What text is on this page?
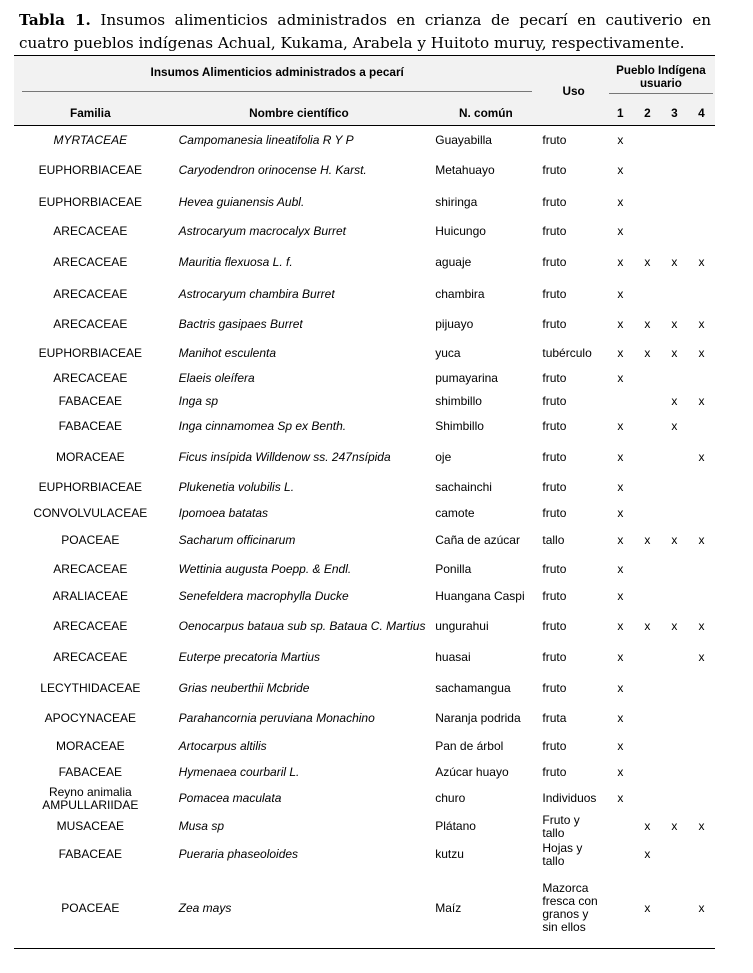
Tabla 1. Insumos alimenticios administrados en crianza de pecarí en cautiverio en cuatro pueblos indígenas Achual, Kukama, Arabela y Huitoto muruy, respectivamente.
Insumos Alimenticios administrados a pecarí			Uso	Pueblo Indígena usuario			

Familia	Nombre científico	N. común		1	2	3	4
MYRTACEAE	Campomanesia lineatifolia R Y P	Guayabilla	fruto	x			
EUPHORBIACEAE	Caryodendron orinocense H. Karst.	Metahuayo	fruto	x			
EUPHORBIACEAE	Hevea guianensis Aubl.	shiringa	fruto	x			
ARECACEAE	Astrocaryum macrocalyx Burret	Huicungo	fruto	x			
ARECACEAE	Mauritia flexuosa L. f.	aguaje	fruto	x	x	x	x
ARECACEAE	Astrocaryum chambira Burret	chambira	fruto	x			
ARECACEAE	Bactris gasipaes Burret	pijuayo	fruto	x	x	x	x
EUPHORBIACEAE	Manihot esculenta	yuca	tubérculo	x	x	x	x
ARECACEAE	Elaeis oleífera	pumayarina	fruto	x			
FABACEAE	Inga sp	shimbillo	fruto			x	x
FABACEAE	Inga cinnamomea Sp ex Benth.	Shimbillo	fruto	x		x	
MORACEAE	Ficus insípida Willdenow ss. 247nsípida	oje	fruto	x			x
EUPHORBIACEAE	Plukenetia volubilis L.	sachainchi	fruto	x			
CONVOLVULACEAE	Ipomoea batatas	camote	fruto	x			
POACEAE	Sacharum officinarum	Caña de azúcar	tallo	x	x	x	x
ARECACEAE	Wettinia augusta Poepp. & Endl.	Ponilla	fruto	x			
ARALIACEAE	Senefeldera macrophylla Ducke	Huangana Caspi	fruto	x			
ARECACEAE	Oenocarpus bataua sub sp. Bataua C. Martius	ungurahui	fruto	x	x	x	x
ARECACEAE	Euterpe precatoria Martius	huasai	fruto	x			x
LECYTHIDACEAE	Grias neuberthii Mcbride	sachamangua	fruto	x			
APOCYNACEAE	Parahancornia peruviana Monachino	Naranja podrida	fruta	x			
MORACEAE	Artocarpus altilis	Pan de árbol	fruto	x			
FABACEAE	Hymenaea courbaril L.	Azúcar huayo	fruto	x			
Reyno animalia AMPULLARIIDAE	Pomacea maculata	churo	Individuos	x			
MUSACEAE	Musa sp	Plátano	Fruto y tallo		x	x	x
FABACEAE	Pueraria phaseoloides	kutzu	Hojas y tallo		x		
POACEAE	Zea mays	Maíz	Mazorca fresca con granos y sin ellos		x		x
